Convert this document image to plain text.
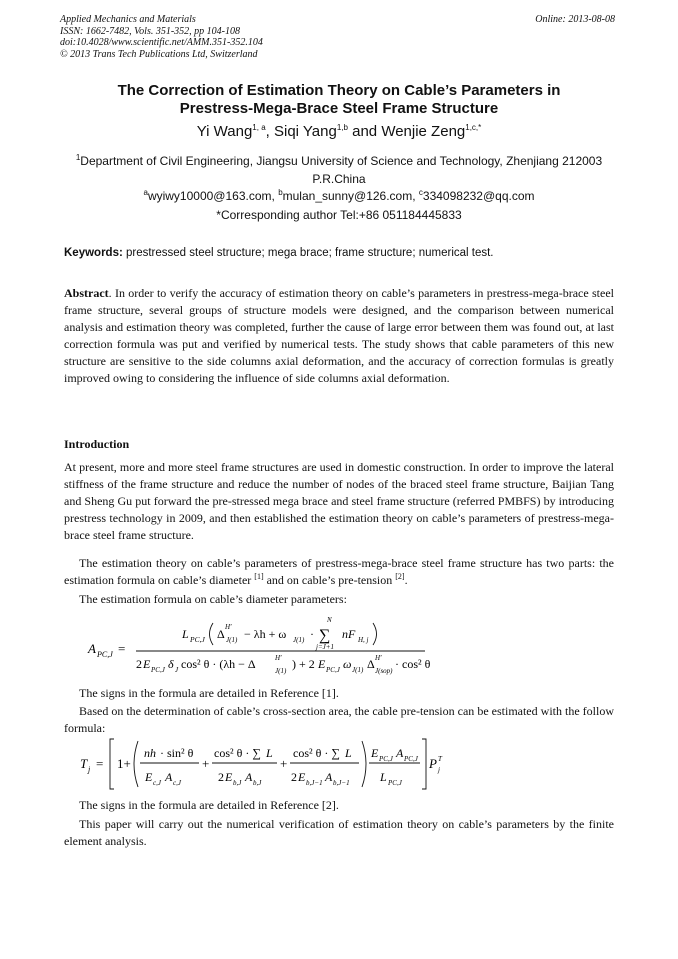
Applied Mechanics and Materials
ISSN: 1662-7482, Vols. 351-352, pp 104-108
doi:10.4028/www.scientific.net/AMM.351-352.104
© 2013 Trans Tech Publications Ltd, Switzerland
Online: 2013-08-08
The Correction of Estimation Theory on Cable’s Parameters in
Prestress-Mega-Brace Steel Frame Structure
Yi Wang$^{1, a}$, Siqi Yang$^{1,b}$ and Wenjie Zeng$^{1,c,*}$
$^1$Department of Civil Engineering, Jiangsu University of Science and Technology, Zhenjiang 212003
P.R.China
$^a$wyiwy10000@163.com, $^b$mulan_sunny@126.com, $^c$334098232@qq.com
*Corresponding author Tel:+86 051184445833
Keywords: prestressed steel structure; mega brace; frame structure; numerical test.
Abstract. In order to verify the accuracy of estimation theory on cable’s parameters in prestress-mega-brace steel frame structure, several groups of structure models were designed, and the comparison between numerical analysis and estimation theory was completed, further the cause of large error between them was found out, at last correction formula was put and verified by numerical tests. The study shows that cable parameters of this new structure are sensitive to the side columns axial deformation, and the accuracy of correction formulas is greatly improved owing to considering the influence of side columns axial deformation.
Introduction
At present, more and more steel frame structures are used in domestic construction. In order to improve the lateral stiffness of the frame structure and reduce the number of nodes of the braced steel frame structure, Baijian Tang and Sheng Gu put forward the pre-stressed mega brace and steel frame structure (referred PMBFS) by introducing prestress technology in 2009, and then established the estimation theory on cable’s parameters of prestress-mega-brace steel frame structure.
The estimation theory on cable’s parameters of prestress-mega-brace steel frame structure has two parts: the estimation formula on cable’s diameter [1] and on cable’s pre-tension [2].
The estimation formula on cable’s diameter parameters:
A PC,J =
L PC,J Δ H′
J(1) − λh + ω J(1) ·
N
∑
j=J+1
nF H, j
2 E PC,J δ J cos² θ · (λh − Δ	H′
J(1) ) + 2 E PC,J ω J(1) Δ H′
J(sop) · cos² θ
The signs in the formula are detailed in Reference [1].
Based on the determination of cable’s cross-section area, the cable pre-tension can be estimated with the follow formula:
T j = 1+
nh · sin² θ
E c,J A c,J
+
cos² θ · ∑ L
2 E b,J A b,J
+
cos² θ · ∑ L
2 E b,J−1 A b,J−1
E PC,J A PC,J
L PC,J
P T
j
The signs in the formula are detailed in Reference [2].
This paper will carry out the numerical verification of estimation theory on cable’s parameters by the finite element analysis.
